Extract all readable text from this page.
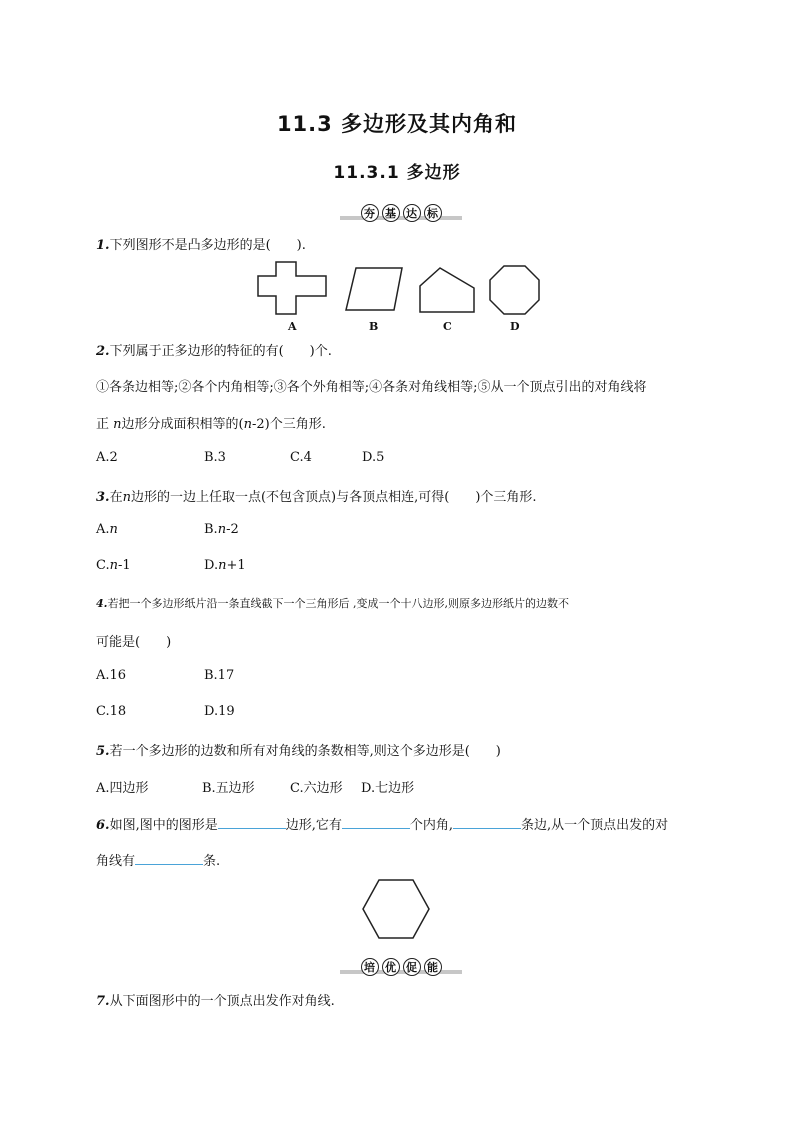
11.3 多边形及其内角和
11.3.1 多边形
夯 基 达 标
1.下列图形不是凸多边形的是(　　).
A	B	C	D
2.下列属于正多边形的特征的有(　　)个.
①各条边相等;②各个内角相等;③各个外角相等;④各条对角线相等;⑤从一个顶点引出的对角线将
正 n边形分成面积相等的(n-2)个三角形.
A.2	B.3	C.4	D.5
3.在n边形的一边上任取一点(不包含顶点)与各顶点相连,可得(　　)个三角形.
A.n	B.n-2
C.n-1	D.n+1
4.若把一个多边形纸片沿一条直线截下一个三角形后 ,变成一个十八边形,则原多边形纸片的边数不
可能是(　　)
A.16	B.17
C.18	D.19
5.若一个多边形的边数和所有对角线的条数相等,则这个多边形是(　　)
A.四边形	B.五边形	C.六边形 D.七边形
6.如图,图中的图形是	边形,它有	个内角,	条边,从一个顶点出发的对
角线有	条.
培 优 促 能
7.从下面图形中的一个顶点出发作对角线.
